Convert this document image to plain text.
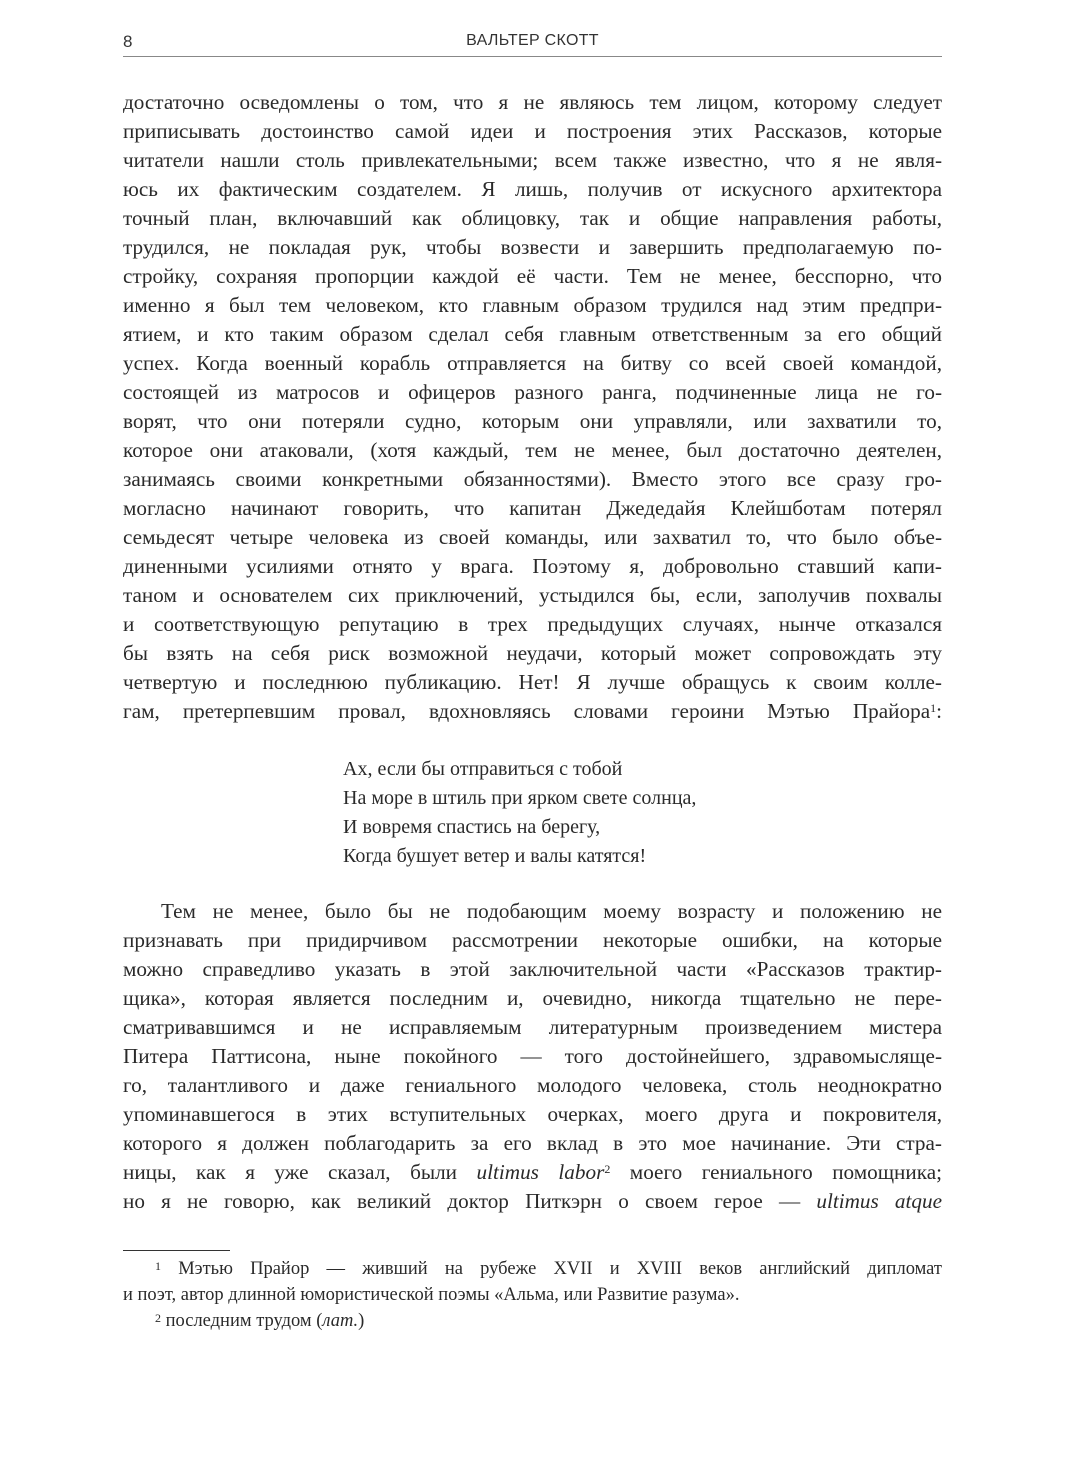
8	ВАЛЬТЕР СКОТТ
достаточно осведомлены о том, что я не являюсь тем лицом, которому следует
приписывать достоинство самой идеи и построения этих Рассказов, которые
читатели нашли столь привлекательными; всем также известно, что я не явля-
юсь их фактическим создателем. Я лишь, получив от искусного архитектора
точный план, включавший как облицовку, так и общие направления работы,
трудился, не покладая рук, чтобы возвести и завершить предполагаемую по-
стройку, сохраняя пропорции каждой её части. Тем не менее, бесспорно, что
именно я был тем человеком, кто главным образом трудился над этим предпри-
ятием, и кто таким образом сделал себя главным ответственным за его общий
успех. Когда военный корабль отправляется на битву со всей своей командой,
состоящей из матросов и офицеров разного ранга, подчиненные лица не го-
ворят, что они потеряли судно, которым они управляли, или захватили то,
которое они атаковали, (хотя каждый, тем не менее, был достаточно деятелен,
занимаясь своими конкретными обязанностями). Вместо этого все сразу гро-
могласно начинают говорить, что капитан Джедедайя Клейшботам потерял
семьдесят четыре человека из своей команды, или захватил то, что было объе-
диненными усилиями отнято у врага. Поэтому я, добровольно ставший капи-
таном и основателем сих приключений, устыдился бы, если, заполучив похвалы
и соответствующую репутацию в трех предыдущих случаях, нынче отказался
бы взять на себя риск возможной неудачи, который может сопровождать эту
четвертую и последнюю публикацию. Нет! Я лучше обращусь к своим колле-
гам, претерпевшим провал, вдохновляясь словами героини Мэтью Прайора$^1$:
Ах, если бы отправиться с тобой
На море в штиль при ярком свете солнца,
И вовремя спастись на берегу,
Когда бушует ветер и валы катятся!
Тем не менее, было бы не подобающим моему возрасту и положению не
признавать при придирчивом рассмотрении некоторые ошибки, на которые
можно справедливо указать в этой заключительной части «Рассказов трактир-
щика», которая является последним и, очевидно, никогда тщательно не пере-
сматривавшимся и не исправляемым литературным произведением мистера
Питера Паттисона, ныне покойного — того достойнейшего, здравомысляще-
го, талантливого и даже гениального молодого человека, столь неоднократно
упоминавшегося в этих вступительных очерках, моего друга и покровителя,
которого я должен поблагодарить за его вклад в это мое начинание. Эти стра-
ницы, как я уже сказал, были ultimus labor$^2$ моего гениального помощника;
но я не говорю, как великий доктор Питкэрн о своем герое — ultimus atque
$^1$ Мэтью Прайор — живший на рубеже XVII и XVIII веков английский дипломат
и поэт, автор длинной юмористической поэмы «Альма, или Развитие разума».
$^2$ последним трудом (лат.)
